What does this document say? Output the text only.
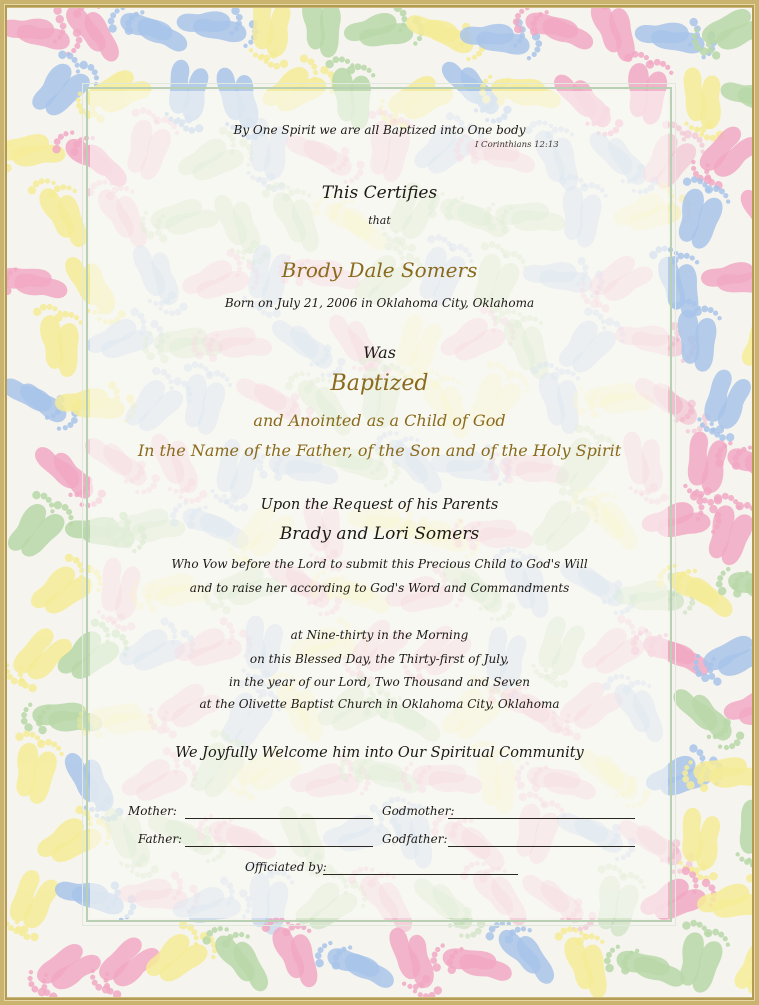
By One Spirit we are all Baptized into One body
I Corinthians 12:13
This Certifies
that
Brody Dale Somers
Born on July 21, 2006 in Oklahoma City, Oklahoma
Was
Baptized
and Anointed as a Child of God
In the Name of the Father, of the Son and of the Holy Spirit
Upon the Request of his Parents
Brady and Lori Somers
Who Vow before the Lord to submit this Precious Child to God's Will
and to raise her according to God's Word and Commandments
at Nine-thirty in the Morning
on this Blessed Day, the Thirty-first of July,
in the year of our Lord, Two Thousand and Seven
at the Olivette Baptist Church in Oklahoma City, Oklahoma
We Joyfully Welcome him into Our Spiritual Community
Mother:	Godmother:
Father:	Godfather:
Officiated by:
